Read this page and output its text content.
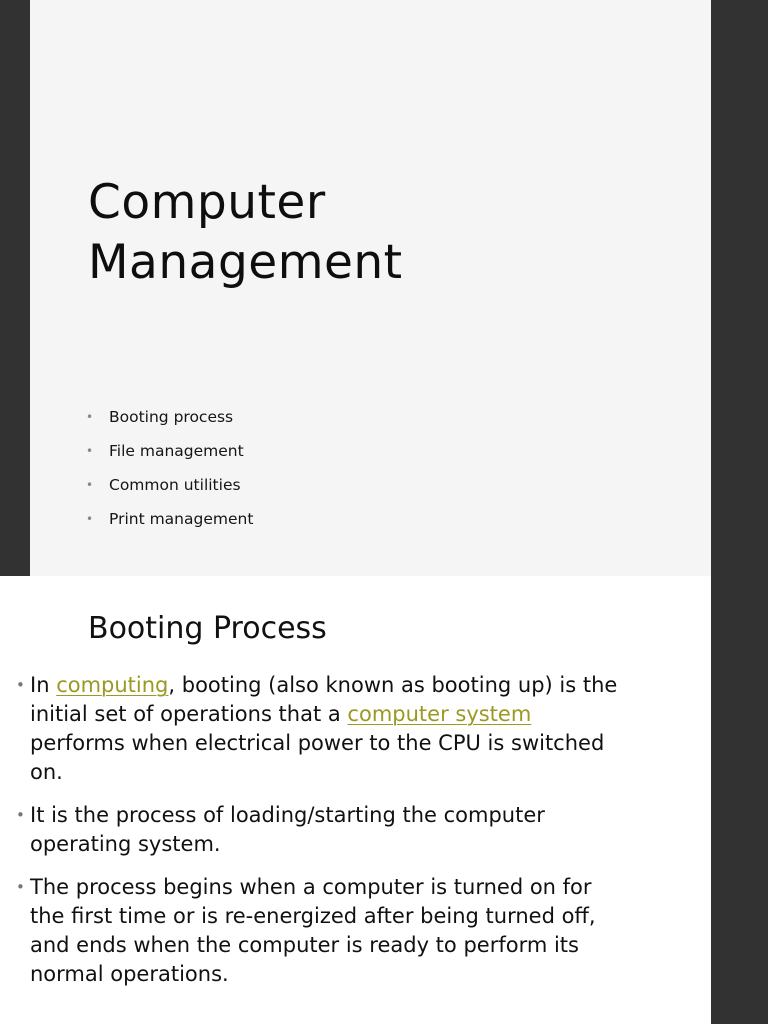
Computer
Management
• Booting process
• File management
• Common utilities
• Print management
Booting Process
• In computing, booting (also known as booting up) is the
initial set of operations that a computer system
performs when electrical power to the CPU is switched
on.
• It is the process of loading/starting the computer
operating system.
• The process begins when a computer is turned on for
the first time or is re-energized after being turned off,
and ends when the computer is ready to perform its
normal operations.
